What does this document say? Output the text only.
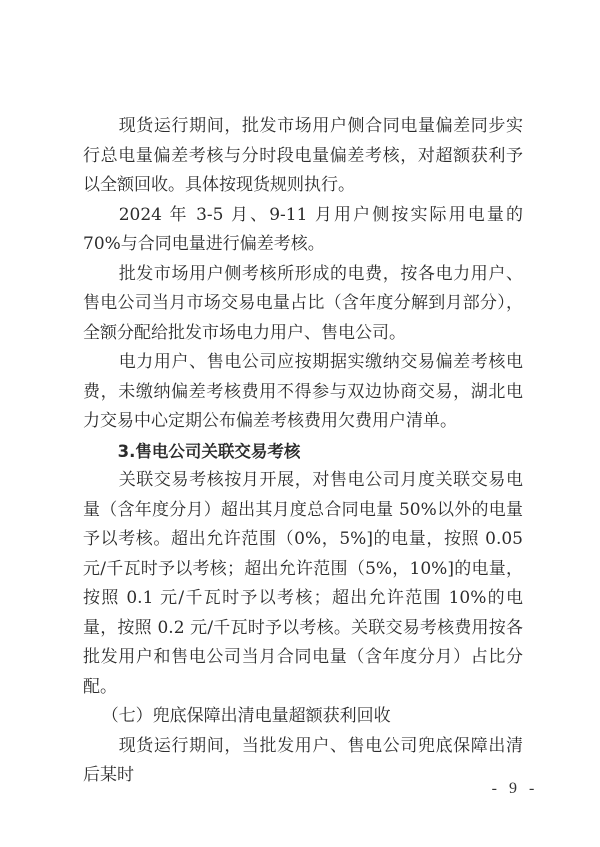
现货运行期间，批发市场用户侧合同电量偏差同步实行总电量偏差考核与分时段电量偏差考核，对超额获利予以全额回收。具体按现货规则执行。

2024 年 3-5 月、9-11 月用户侧按实际用电量的 70%与合同电量进行偏差考核。

批发市场用户侧考核所形成的电费，按各电力用户、售电公司当月市场交易电量占比（含年度分解到月部分），全额分配给批发市场电力用户、售电公司。

电力用户、售电公司应按期据实缴纳交易偏差考核电费，未缴纳偏差考核费用不得参与双边协商交易，湖北电力交易中心定期公布偏差考核费用欠费用户清单。

3.售电公司关联交易考核

关联交易考核按月开展，对售电公司月度关联交易电量（含年度分月）超出其月度总合同电量 50%以外的电量予以考核。超出允许范围（0%，5%]的电量，按照 0.05 元/千瓦时予以考核；超出允许范围（5%，10%]的电量，按照 0.1 元/千瓦时予以考核；超出允许范围 10%的电量，按照 0.2 元/千瓦时予以考核。关联交易考核费用按各批发用户和售电公司当月合同电量（含年度分月）占比分配。

（七）兜底保障出清电量超额获利回收

现货运行期间，当批发用户、售电公司兜底保障出清后某时

- 9 -
